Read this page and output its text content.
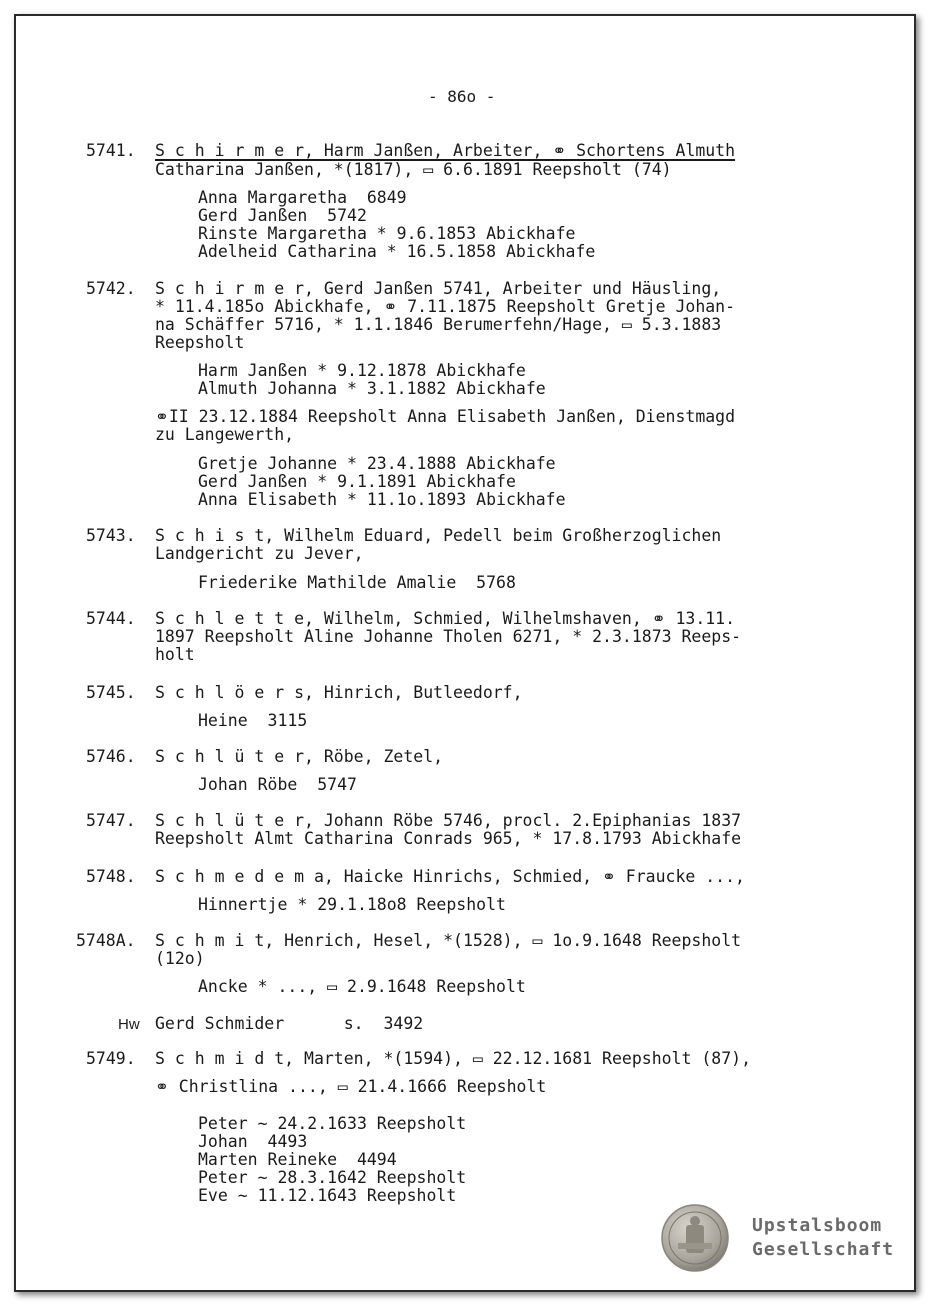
- 86o -
5741. S c h i r m e r, Harm Janßen, Arbeiter, ⚭ Schortens Almuth
Catharina Janßen, *(1817), ▭ 6.6.1891 Reepsholt (74)
Anna Margaretha  6849
Gerd Janßen  5742
Rinste Margaretha * 9.6.1853 Abickhafe
Adelheid Catharina * 16.5.1858 Abickhafe
5742. S c h i r m e r, Gerd Janßen 5741, Arbeiter und Häusling,
* 11.4.185o Abickhafe, ⚭ 7.11.1875 Reepsholt Gretje Johan-
na Schäffer 5716, * 1.1.1846 Berumerfehn/Hage, ▭ 5.3.1883
Reepsholt
Harm Janßen * 9.12.1878 Abickhafe
Almuth Johanna * 3.1.1882 Abickhafe
⚭II 23.12.1884 Reepsholt Anna Elisabeth Janßen, Dienstmagd
zu Langewerth,
Gretje Johanne * 23.4.1888 Abickhafe
Gerd Janßen * 9.1.1891 Abickhafe
Anna Elisabeth * 11.1o.1893 Abickhafe
5743. S c h i s t, Wilhelm Eduard, Pedell beim Großherzoglichen
Landgericht zu Jever,
Friederike Mathilde Amalie  5768
5744. S c h l e t t e, Wilhelm, Schmied, Wilhelmshaven, ⚭ 13.11.
1897 Reepsholt Aline Johanne Tholen 6271, * 2.3.1873 Reeps-
holt
5745. S c h l ö e r s, Hinrich, Butleedorf,
Heine  3115
5746. S c h l ü t e r, Röbe, Zetel,
Johan Röbe  5747
5747. S c h l ü t e r, Johann Röbe 5746, procl. 2.Epiphanias 1837
Reepsholt Almt Catharina Conrads 965, * 17.8.1793 Abickhafe
5748. S c h m e d e m a, Haicke Hinrichs, Schmied, ⚭ Fraucke ...,
Hinnertje * 29.1.18o8 Reepsholt
5748A. S c h m i t, Henrich, Hesel, *(1528), ▭ 1o.9.1648 Reepsholt
(12o)
Ancke * ..., ▭ 2.9.1648 Reepsholt
Hw Gerd Schmider      s.  3492
5749. S c h m i d t, Marten, *(1594), ▭ 22.12.1681 Reepsholt (87),
⚭ Christlina ..., ▭ 21.4.1666 Reepsholt
Peter ~ 24.2.1633 Reepsholt
Johan  4493
Marten Reineke  4494
Peter ~ 28.3.1642 Reepsholt
Eve ~ 11.12.1643 Reepsholt
Upstalsboom
Gesellschaft
